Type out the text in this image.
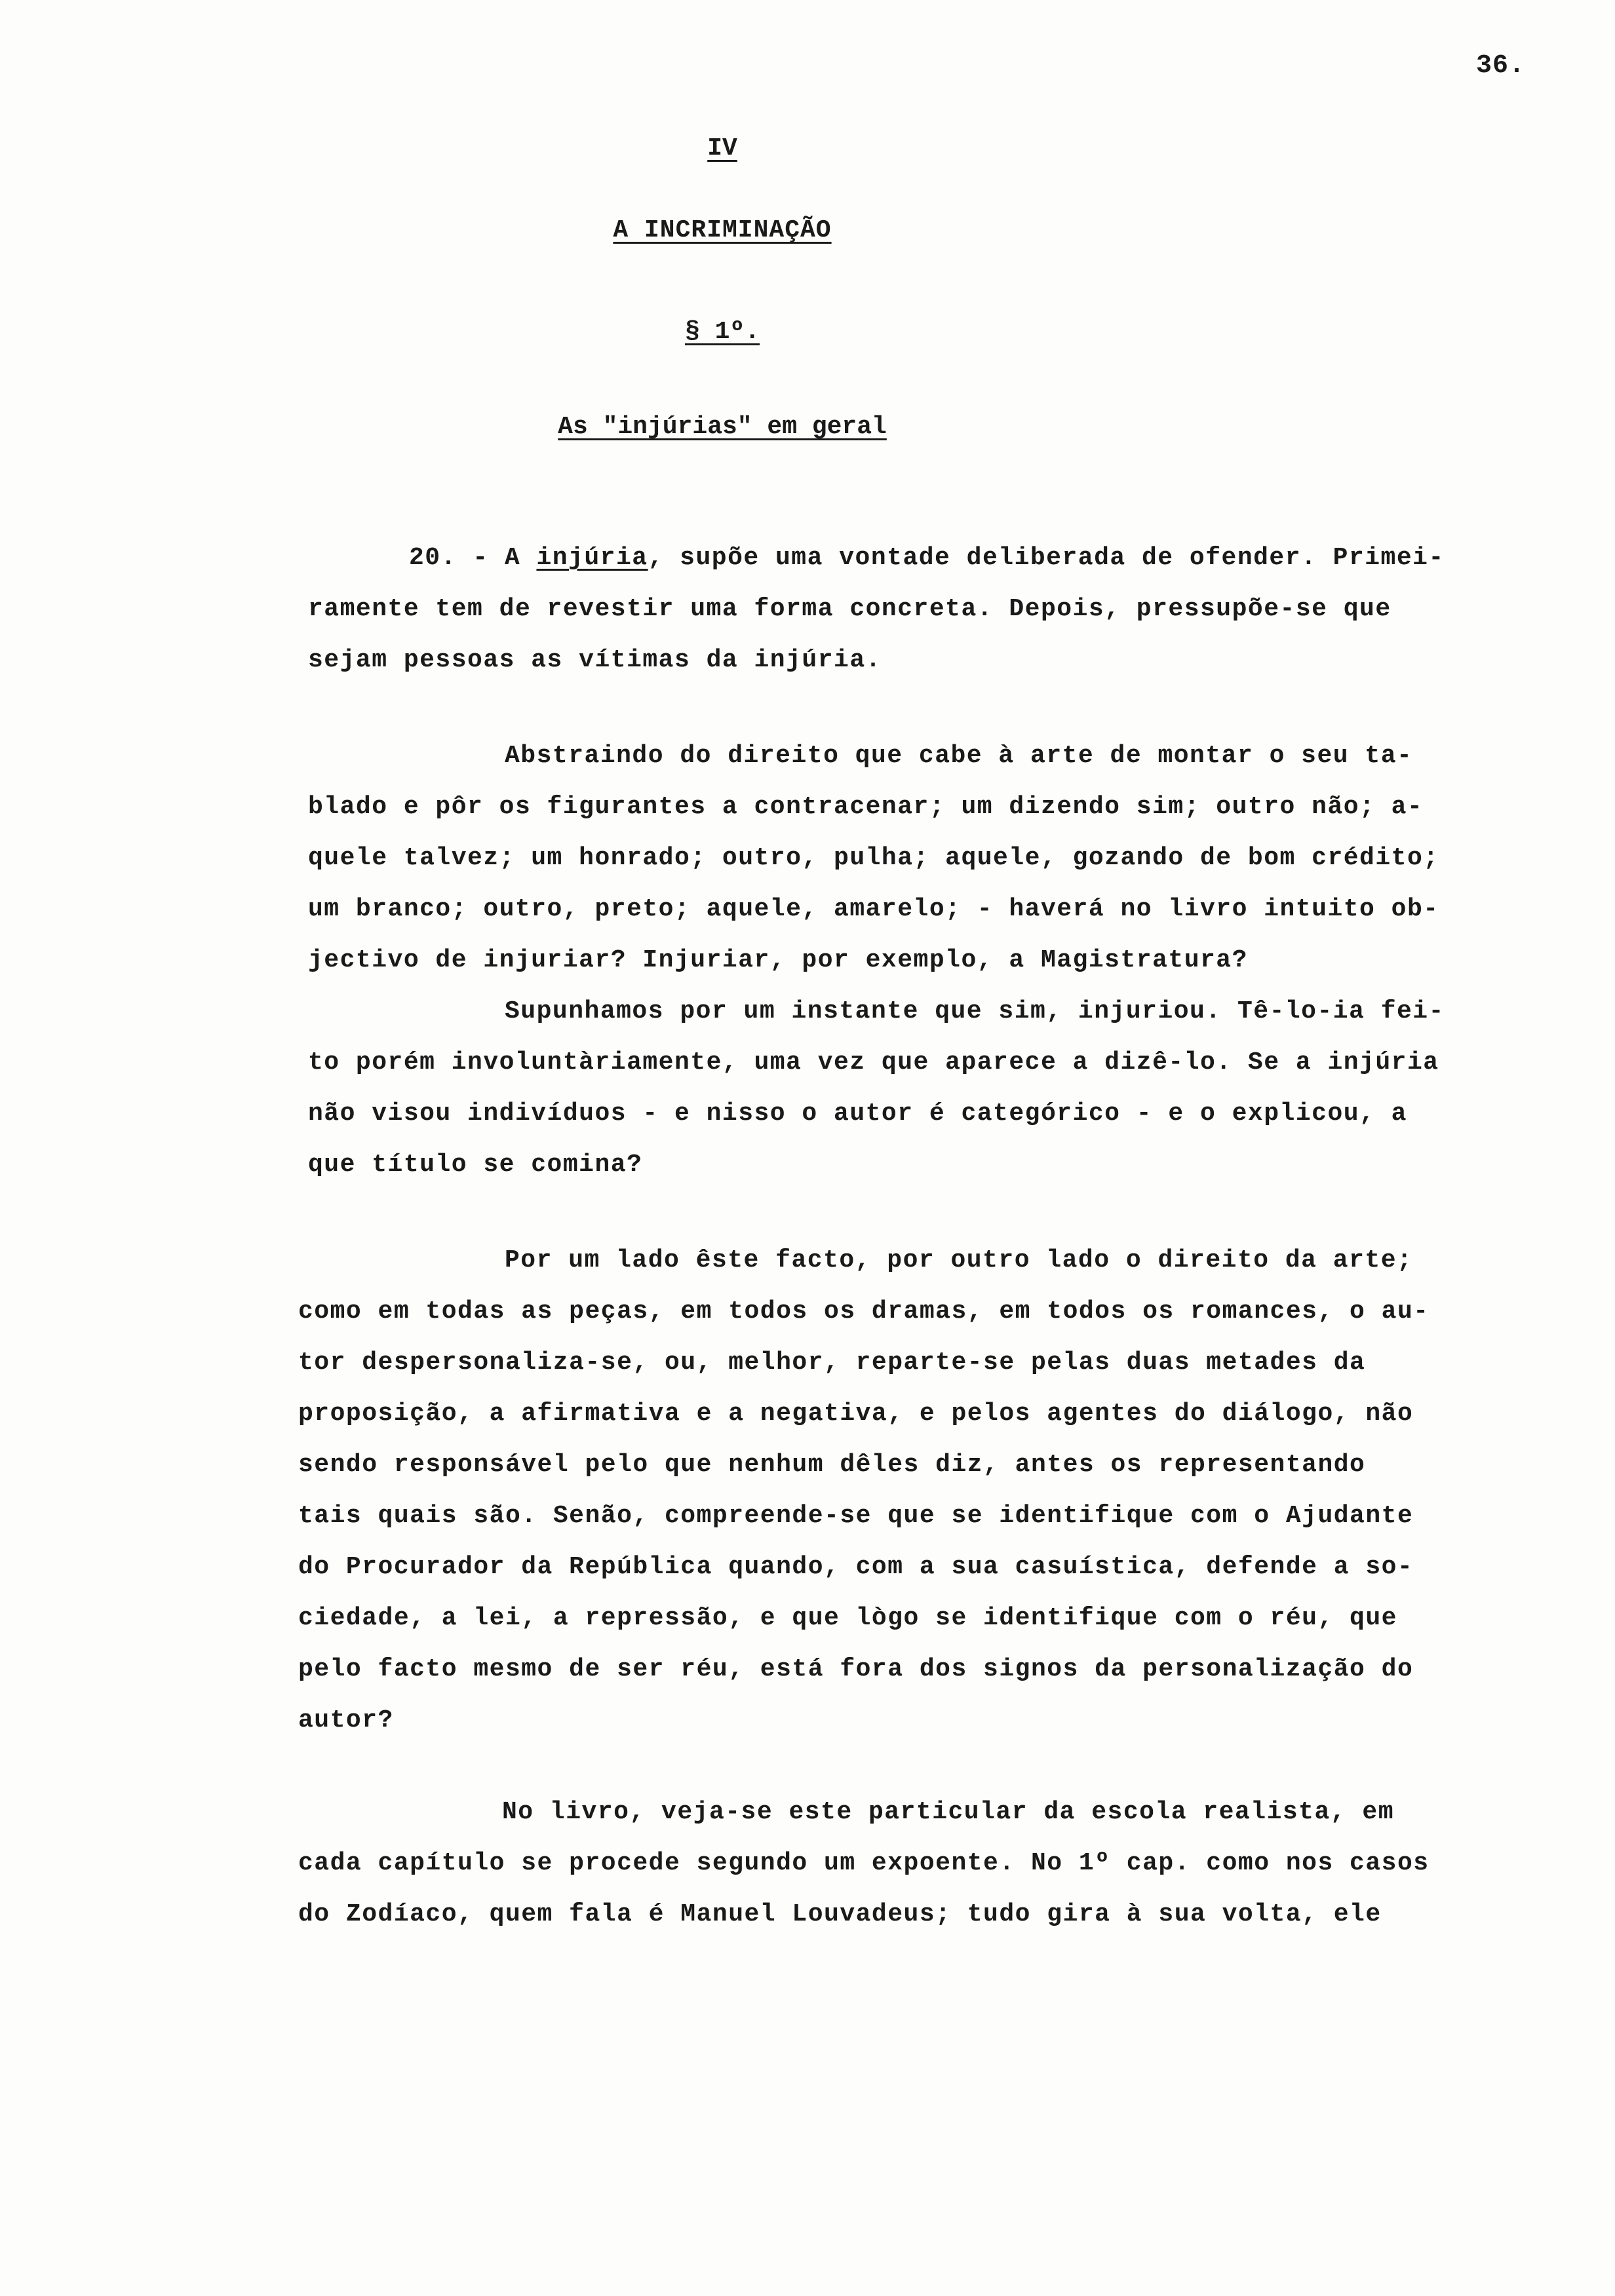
36.
IV
A INCRIMINAÇÃO
§ 1º.
As "injúrias" em geral
20. - A injúria, supõe uma vontade deliberada de ofender. Primei-
ramente tem de revestir uma forma concreta. Depois, pressupõe-se que
sejam pessoas as vítimas da injúria.
Abstraindo do direito que cabe à arte de montar o seu ta-
blado e pôr os figurantes a contracenar; um dizendo sim; outro não; a-
quele talvez; um honrado; outro, pulha; aquele, gozando de bom crédito;
um branco; outro, preto; aquele, amarelo; - haverá no livro intuito ob-
jectivo de injuriar? Injuriar, por exemplo, a Magistratura?
Supunhamos por um instante que sim, injuriou. Tê-lo-ia fei-
to porém involuntàriamente, uma vez que aparece a dizê-lo. Se a injúria
não visou indivíduos - e nisso o autor é categórico - e o explicou, a
que título se comina?
Por um lado êste facto, por outro lado o direito da arte;
como em todas as peças, em todos os dramas, em todos os romances, o au-
tor despersonaliza-se, ou, melhor, reparte-se pelas duas metades da
proposição, a afirmativa e a negativa, e pelos agentes do diálogo, não
sendo responsável pelo que nenhum dêles diz, antes os representando
tais quais são. Senão, compreende-se que se identifique com o Ajudante
do Procurador da República quando, com a sua casuística, defende a so-
ciedade, a lei, a repressão, e que lògo se identifique com o réu, que
pelo facto mesmo de ser réu, está fora dos signos da personalização do
autor?
No livro, veja-se este particular da escola realista, em
cada capítulo se procede segundo um expoente. No 1º cap. como nos casos
do Zodíaco, quem fala é Manuel Louvadeus; tudo gira à sua volta, ele
